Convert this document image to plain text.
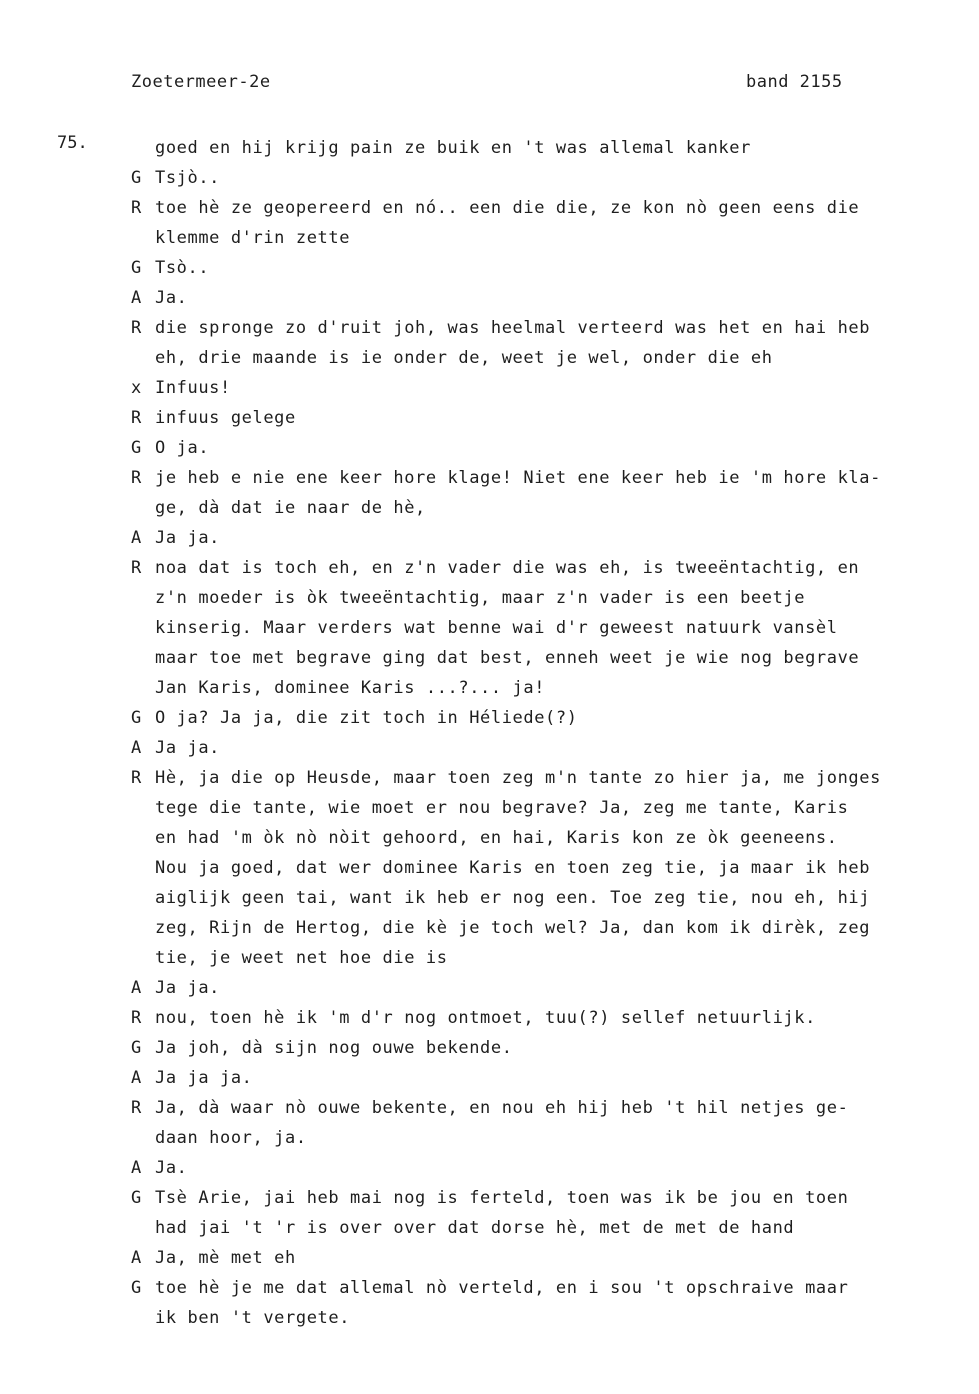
Zoetermeer-2e	band 2155
75.	goed en hij krijg pain ze buik en 't was allemal kanker
G Tsjò..
R toe hè ze geopereerd en nó.. een die die, ze kon nò geen eens die
klemme d'rin zette
G Tsò..
A Ja.
R die spronge zo d'ruit joh, was heelmal verteerd was het en hai heb
eh, drie maande is ie onder de, weet je wel, onder die eh
x Infuus!
R infuus gelege
G O ja.
R je heb e nie ene keer hore klage! Niet ene keer heb ie 'm hore kla-
ge, dà dat ie naar de hè,
A Ja ja.
R noa dat is toch eh, en z'n vader die was eh, is tweeëntachtig, en
z'n moeder is òk tweeëntachtig, maar z'n vader is een beetje
kinserig. Maar verders wat benne wai d'r geweest natuurk vansèl
maar toe met begrave ging dat best, enneh weet je wie nog begrave
Jan Karis, dominee Karis ...?... ja!
G O ja? Ja ja, die zit toch in Héliede(?)
A Ja ja.
R Hè, ja die op Heusde, maar toen zeg m'n tante zo hier ja, me jonges
tege die tante, wie moet er nou begrave? Ja, zeg me tante, Karis
en had 'm òk nò nòit gehoord, en hai, Karis kon ze òk geeneens.
Nou ja goed, dat wer dominee Karis en toen zeg tie, ja maar ik heb
aiglijk geen tai, want ik heb er nog een. Toe zeg tie, nou eh, hij
zeg, Rijn de Hertog, die kè je toch wel? Ja, dan kom ik dirèk, zeg
tie, je weet net hoe die is
A Ja ja.
R nou, toen hè ik 'm d'r nog ontmoet, tuu(?) sellef netuurlijk.
G Ja joh, dà sijn nog ouwe bekende.
A Ja ja ja.
R Ja, dà waar nò ouwe bekente, en nou eh hij heb 't hil netjes ge-
daan hoor, ja.
A Ja.
G Tsè Arie, jai heb mai nog is ferteld, toen was ik be jou en toen
had jai 't 'r is over over dat dorse hè, met de met de hand
A Ja, mè met eh
G toe hè je me dat allemal nò verteld, en i sou 't opschraive maar
ik ben 't vergete.
